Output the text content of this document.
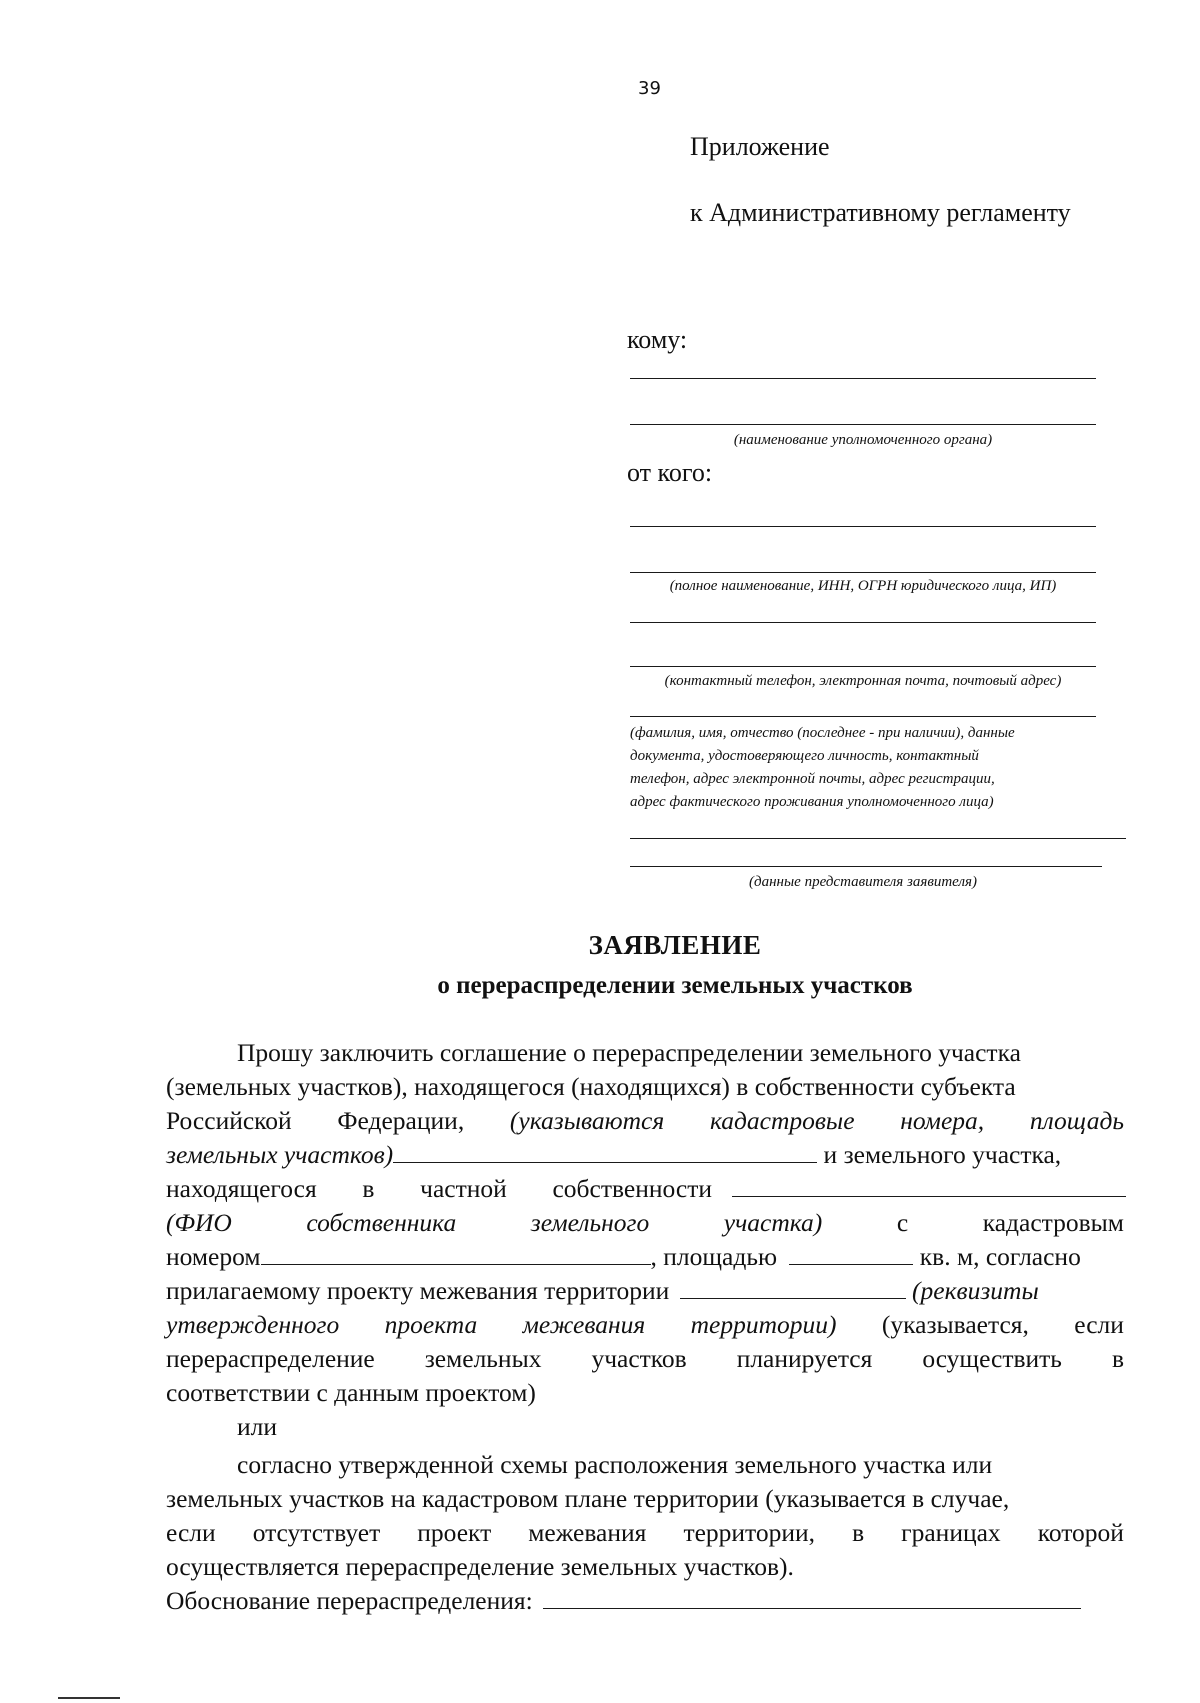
39
Приложение
к Административному регламенту
кому:
(наименование уполномоченного органа)
от кого:
(полное наименование, ИНН, ОГРН юридического лица, ИП)
(контактный телефон, электронная почта, почтовый адрес)
(фамилия, имя, отчество (последнее - при наличии), данные
документа, удостоверяющего личность, контактный
телефон, адрес электронной почты, адрес регистрации,
адрес фактического проживания уполномоченного лица)
(данные представителя заявителя)
ЗАЯВЛЕНИЕ
о перераспределении земельных участков
Прошу заключить соглашение о перераспределении земельного участка
(земельных участков), находящегося (находящихся) в собственности субъекта
Российской Федерации, (указываются кадастровые номера, площадь
земельных участков)	и земельного участка,
находящегося в частной собственности

(ФИО	собственника	земельного	участка)	с	кадастровым
номером	, площадью	кв. м, согласно
прилагаемому проекту межевания территории	(реквизиты
утвержденного проекта межевания территории) (указывается, если
перераспределение земельных участков планируется осуществить в
соответствии с данным проектом)
или
согласно утвержденной схемы расположения земельного участка или
земельных участков на кадастровом плане территории (указывается в случае,
если отсутствует проект межевания территории, в границах которой
осуществляется перераспределение земельных участков).
Обоснование перераспределения:
